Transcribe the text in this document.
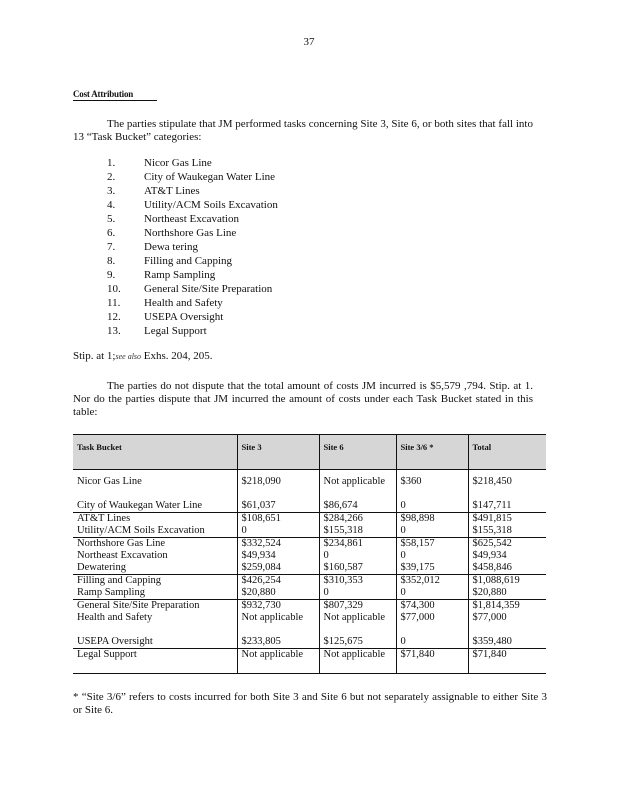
37
Cost Attribution

The parties stipulate that JM performed tasks concerning Site 3, Site 6, or both sites that fall into 13 “Task Bucket” categories:

1.	Nicor Gas Line
2.	City of Waukegan Water Line
3.	AT&T Lines
4.	Utility/ACM Soils Excavation
5.	Northeast Excavation
6.	Northshore Gas Line
7.	Dewa tering
8.	Filling and Capping
9.	Ramp Sampling
10. General Site/Site Preparation
11. Health and Safety
12. USEPA Oversight
13. Legal Support

Stip. at 1;see also Exhs. 204, 205.

The parties do not dispute that the total amount of costs JM incurred is $5,579 ,794. Stip. at 1. Nor do the parties dispute that JM incurred the amount of costs under each Task Bucket stated in this table:

Task Bucket	Site 3	Site 6	Site 3/6 *	Total
Nicor Gas Line	$218,090	Not applicable	$360	$218,450
City of Waukegan Water Line	$61,037	$86,674	0	$147,711
AT&T Lines	$108,651	$284,266	$98,898	$491,815
Utility/ACM Soils Excavation	0	$155,318	0	$155,318
Northshore Gas Line	$332,524	$234,861	$58,157	$625,542
Northeast Excavation	$49,934	0	0	$49,934
Dewatering	$259,084	$160,587	$39,175	$458,846
Filling and Capping	$426,254	$310,353	$352,012	$1,088,619
Ramp Sampling	$20,880	0	0	$20,880
General Site/Site Preparation	$932,730	$807,329	$74,300	$1,814,359
Health and Safety	Not applicable	Not applicable	$77,000	$77,000
USEPA Oversight	$233,805	$125,675	0	$359,480
Legal Support	Not applicable	Not applicable	$71,840	$71,840

* “Site 3/6” refers to costs incurred for both Site 3 and Site 6 but not separately assignable to either Site 3 or Site 6.
